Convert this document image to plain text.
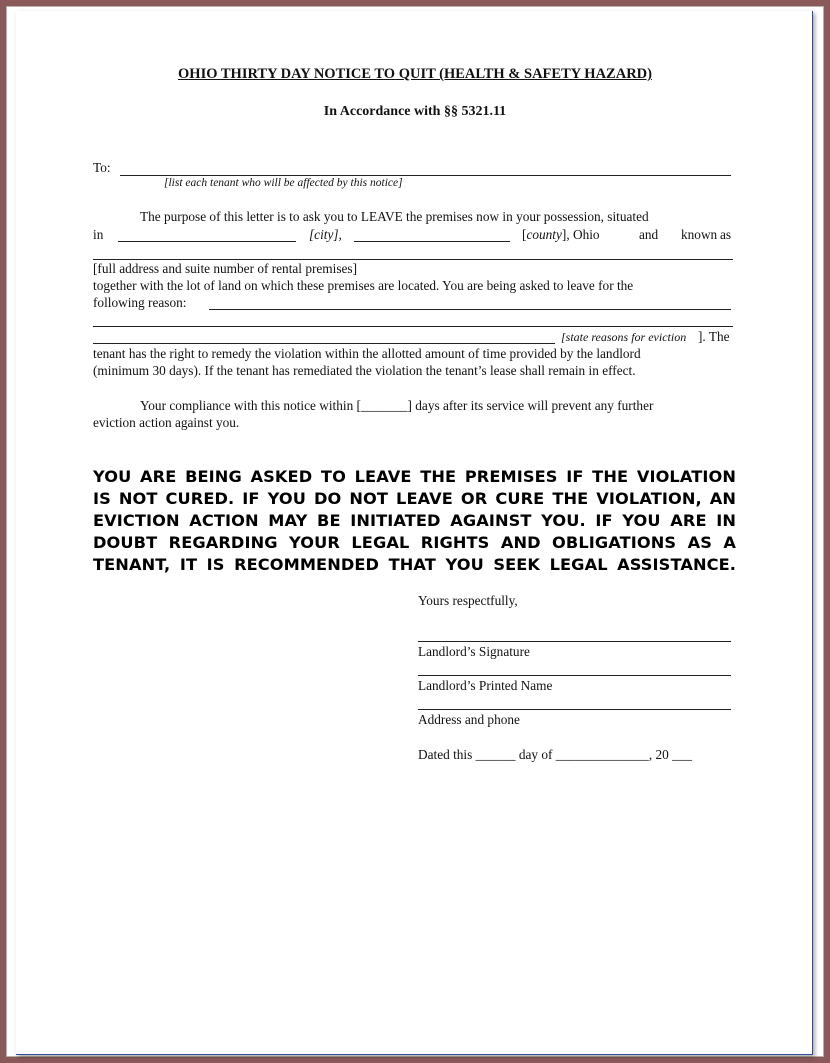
OHIO THIRTY DAY NOTICE TO QUIT (HEALTH & SAFETY HAZARD)
In Accordance with §§ 5321.11
To:
[list each tenant who will be affected by this notice]
The purpose of this letter is to ask you to LEAVE the premises now in your possession, situated
in	[city],	[county], Ohio	and known as
[full address and suite number of rental premises]
together with the lot of land on which these premises are located. You are being asked to leave for the
following reason:
[state reasons for eviction ]. The
tenant has the right to remedy the violation within the allotted amount of time provided by the landlord
(minimum 30 days). If the tenant has remediated the violation the tenant’s lease shall remain in effect.
Your compliance with this notice within [_______] days after its service will prevent any further
eviction action against you.
YOU ARE BEING ASKED TO LEAVE THE PREMISES IF THE VIOLATION
IS NOT CURED. IF YOU DO NOT LEAVE OR CURE THE VIOLATION, AN
EVICTION ACTION MAY BE INITIATED AGAINST YOU. IF YOU ARE IN
DOUBT REGARDING YOUR LEGAL RIGHTS AND OBLIGATIONS AS A
TENANT, IT IS RECOMMENDED THAT YOU SEEK LEGAL ASSISTANCE.
Yours respectfully,
Landlord’s Signature
Landlord’s Printed Name
Address and phone
Dated this ______ day of ______________, 20 ___
